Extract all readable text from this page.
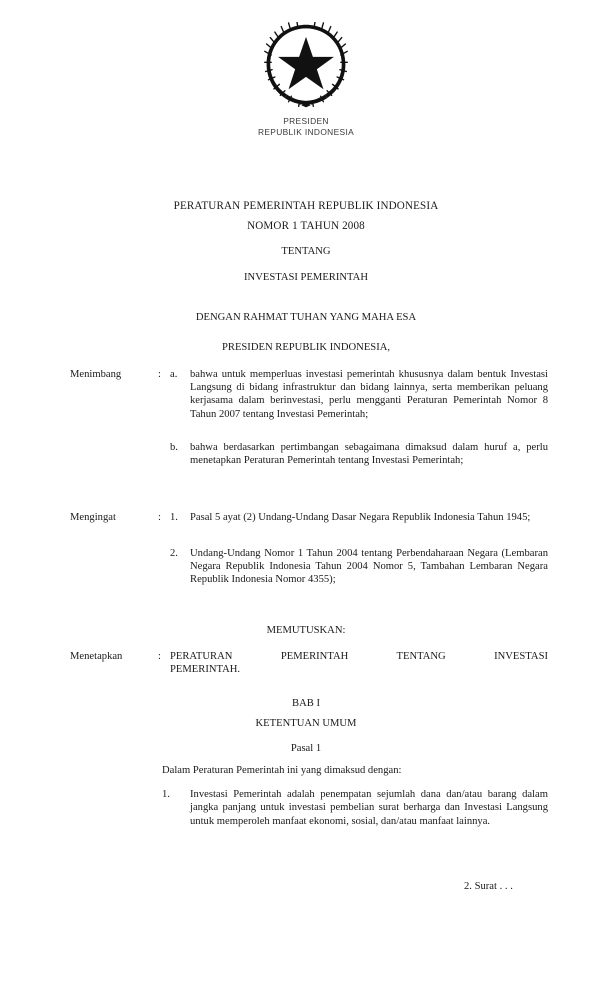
PRESIDEN
REPUBLIK INDONESIA
PERATURAN PEMERINTAH REPUBLIK INDONESIA
NOMOR 1 TAHUN 2008
TENTANG
INVESTASI PEMERINTAH
DENGAN RAHMAT TUHAN YANG MAHA ESA
PRESIDEN REPUBLIK INDONESIA,
Menimbang	: a.	bahwa untuk memperluas investasi pemerintah khususnya dalam bentuk Investasi Langsung di bidang infrastruktur dan bidang lainnya, serta memberikan peluang kerjasama dalam berinvestasi, perlu mengganti Peraturan Pemerintah Nomor 8 Tahun 2007 tentang Investasi Pemerintah;
b.	bahwa berdasarkan pertimbangan sebagaimana dimaksud dalam huruf a, perlu menetapkan Peraturan Pemerintah tentang Investasi Pemerintah;
Mengingat	: 1.	Pasal 5 ayat (2) Undang-Undang Dasar Negara Republik Indonesia Tahun 1945;
2.	Undang-Undang Nomor 1 Tahun 2004 tentang Perbendaharaan Negara (Lembaran Negara Republik Indonesia Tahun 2004 Nomor 5, Tambahan Lembaran Negara Republik Indonesia Nomor 4355);
MEMUTUSKAN:
Menetapkan	: PERATURAN PEMERINTAH TENTANG INVESTASI
PEMERINTAH.
BAB I
KETENTUAN UMUM
Pasal 1
Dalam Peraturan Pemerintah ini yang dimaksud dengan:
1.	Investasi Pemerintah adalah penempatan sejumlah dana dan/atau barang dalam jangka panjang untuk investasi pembelian surat berharga dan Investasi Langsung untuk memperoleh manfaat ekonomi, sosial, dan/atau manfaat lainnya.
2. Surat . . .
